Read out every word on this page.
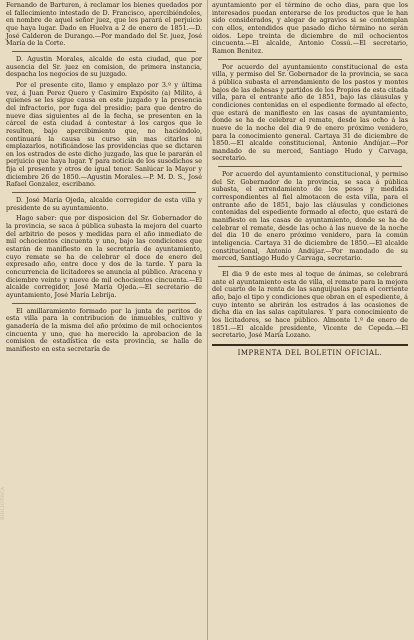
BIBLIOTECA

Fernando de Barturen, á reclamar los bienes quedados por el fallecimiento intestado de D. Francisco, apercibiéndoles, en nombre de aquel señor juez, que les parará el perjuicio que haya lugar. Dado en Huelva a 2 de enero de 1851.—D. José Calderon de Durango.—Por mandado del Sr. juez, José María de la Corte.

D. Agustin Morales, alcalde de esta ciudad, que por ausencia del Sr. juez en comision, de primera instancia, despacha los negocios de su juzgado.

Por el presente cito, llamo y emplazo por 3.º y última vez, á Juan Perez Quero y Casimiro Expósito (a) Milito, á quienes se les sigue causa en este juzgado y la presencia del infractorio, por fuga del presidio; para que dentro de nueve dias siguientes al de la fecha, se presenten en la cárcel de esta ciudad á contestar á los cargos que le resulten, bajo apercibimiento que, no haciéndolo, continuará la causa su curso sin mas citarlos ni emplazarlos, notificándose las providencias que se dictaren en los estrados de este dicho juzgado, las que le pararán el perjuicio que haya lugar. Y para noticia de los susodichos se fija el presente y otros de igual tenor. Sanlúcar la Mayor y diciembre 26 de 1850.—Agustin Morales.—P. M. D. S., José Rafael Gonzalez, escribano.

D. José María Ojeda, alcalde corregidor de esta villa y presidente de su ayuntamiento.

Hago saber: que por disposicion del Sr. Gobernador de la provincia, se saca á pública subasta la mejora del cuarto del arbitrio de pesos y medidas para el año inmediato de mil ochocientos cincuenta y uno, bajo las condiciones que estarán de manifiesto en la secretaría de ayuntamiento, cuyo remate se ha de celebrar el doce de enero del expresado año, entre doce y dos de la tarde. Y para la concurrencia de licitadores se anuncia al público. Aracena y diciembre veinte y nueve de mil ochocientos cincuenta.—El alcalde corregidor, José María Ojeda.—El secretario de ayuntamiento, José María Lebrija.

El amillaramiento formado por la junta de peritos de esta villa para la contribucion de inmuebles, cultivo y ganadería de la misma del año próximo de mil ochocientos cincuenta y uno, que ha merecido la aprobacion de la comision de estadística de esta provincia, se halla de manifiesto en esta secretaría de

ayuntamiento por el término de ocho dias, para que los interesados puedan enterarse de los productos que le han sido considerados, y alegar de agravios si se contemplan con ellos, entendidos que pasado dicho término no serán oidos. Lepe treinta de diciembre de mil ochocientos cincuenta.—El alcalde, Antonio Cossú.—El secretario, Ramon Benitez.

Por acuerdo del ayuntamiento constitucional de esta villa, y permiso del Sr. Gobernador de la provincia, se saca á pública subasta el arrendamiento de los pastos y montes bajos de las dehesas y partidos de los Propios de esta citada villa, para el entrante año de 1851, bajo las cláusulas y condiciones contenidas en el espediente formado al efecto, que estará de manifiesto en las casas de ayuntamiento, donde se ha de celebrar el remate, desde las ocho á las nueve de la noche del dia 9 de enero próximo venidero, para la conocimiento general. Cartaya 31 de diciembre de 1850.—El alcalde constitucional, Antonio Andújar.—Por mandado de su merced, Santiago Hudo y Carvaga, secretario.

Por acuerdo del ayuntamiento constitucional, y permiso del Sr. Gobernador de la provincia, se saca á pública subasta, el arrendamiento de los pesos y medidas correspondientes al fiel almotacen de esta villa, para el entrante año de 1851, bajo las cláusulas y condiciones contenidas del espediente formado al efecto, que estará de manifiesto en las casas de ayuntamiento, donde se ha de celebrar el remate, desde las ocho á las nueve de la noche del dia 10 de enero próximo venidero, para la común inteligencia. Cartaya 31 de diciembre de 1850.—El alcalde constitucional, Antonio Andújar.—Por mandado de su merced, Santiago Hudo y Carvaga, secretario.

El dia 9 de este mes al toque de ánimas, se celebrará ante el ayuntamiento esta de villa, el remate para la mejora del cuarto de la renta de las sanguijuelas para el corriente año, bajo el tipo y condiciones que obran en el espediente, á cuyo intento se abrirán los estrados á las ocasiones de dicha dia en las salas capitulares. Y para conocimiento de los licitadores, se hace público. Almonte 1.º de enero de 1851.—El alcalde presidente, Vicente de Cepeda.—El secretario, José María Lozano.

IMPRENTA DEL BOLETIN OFICIAL.
